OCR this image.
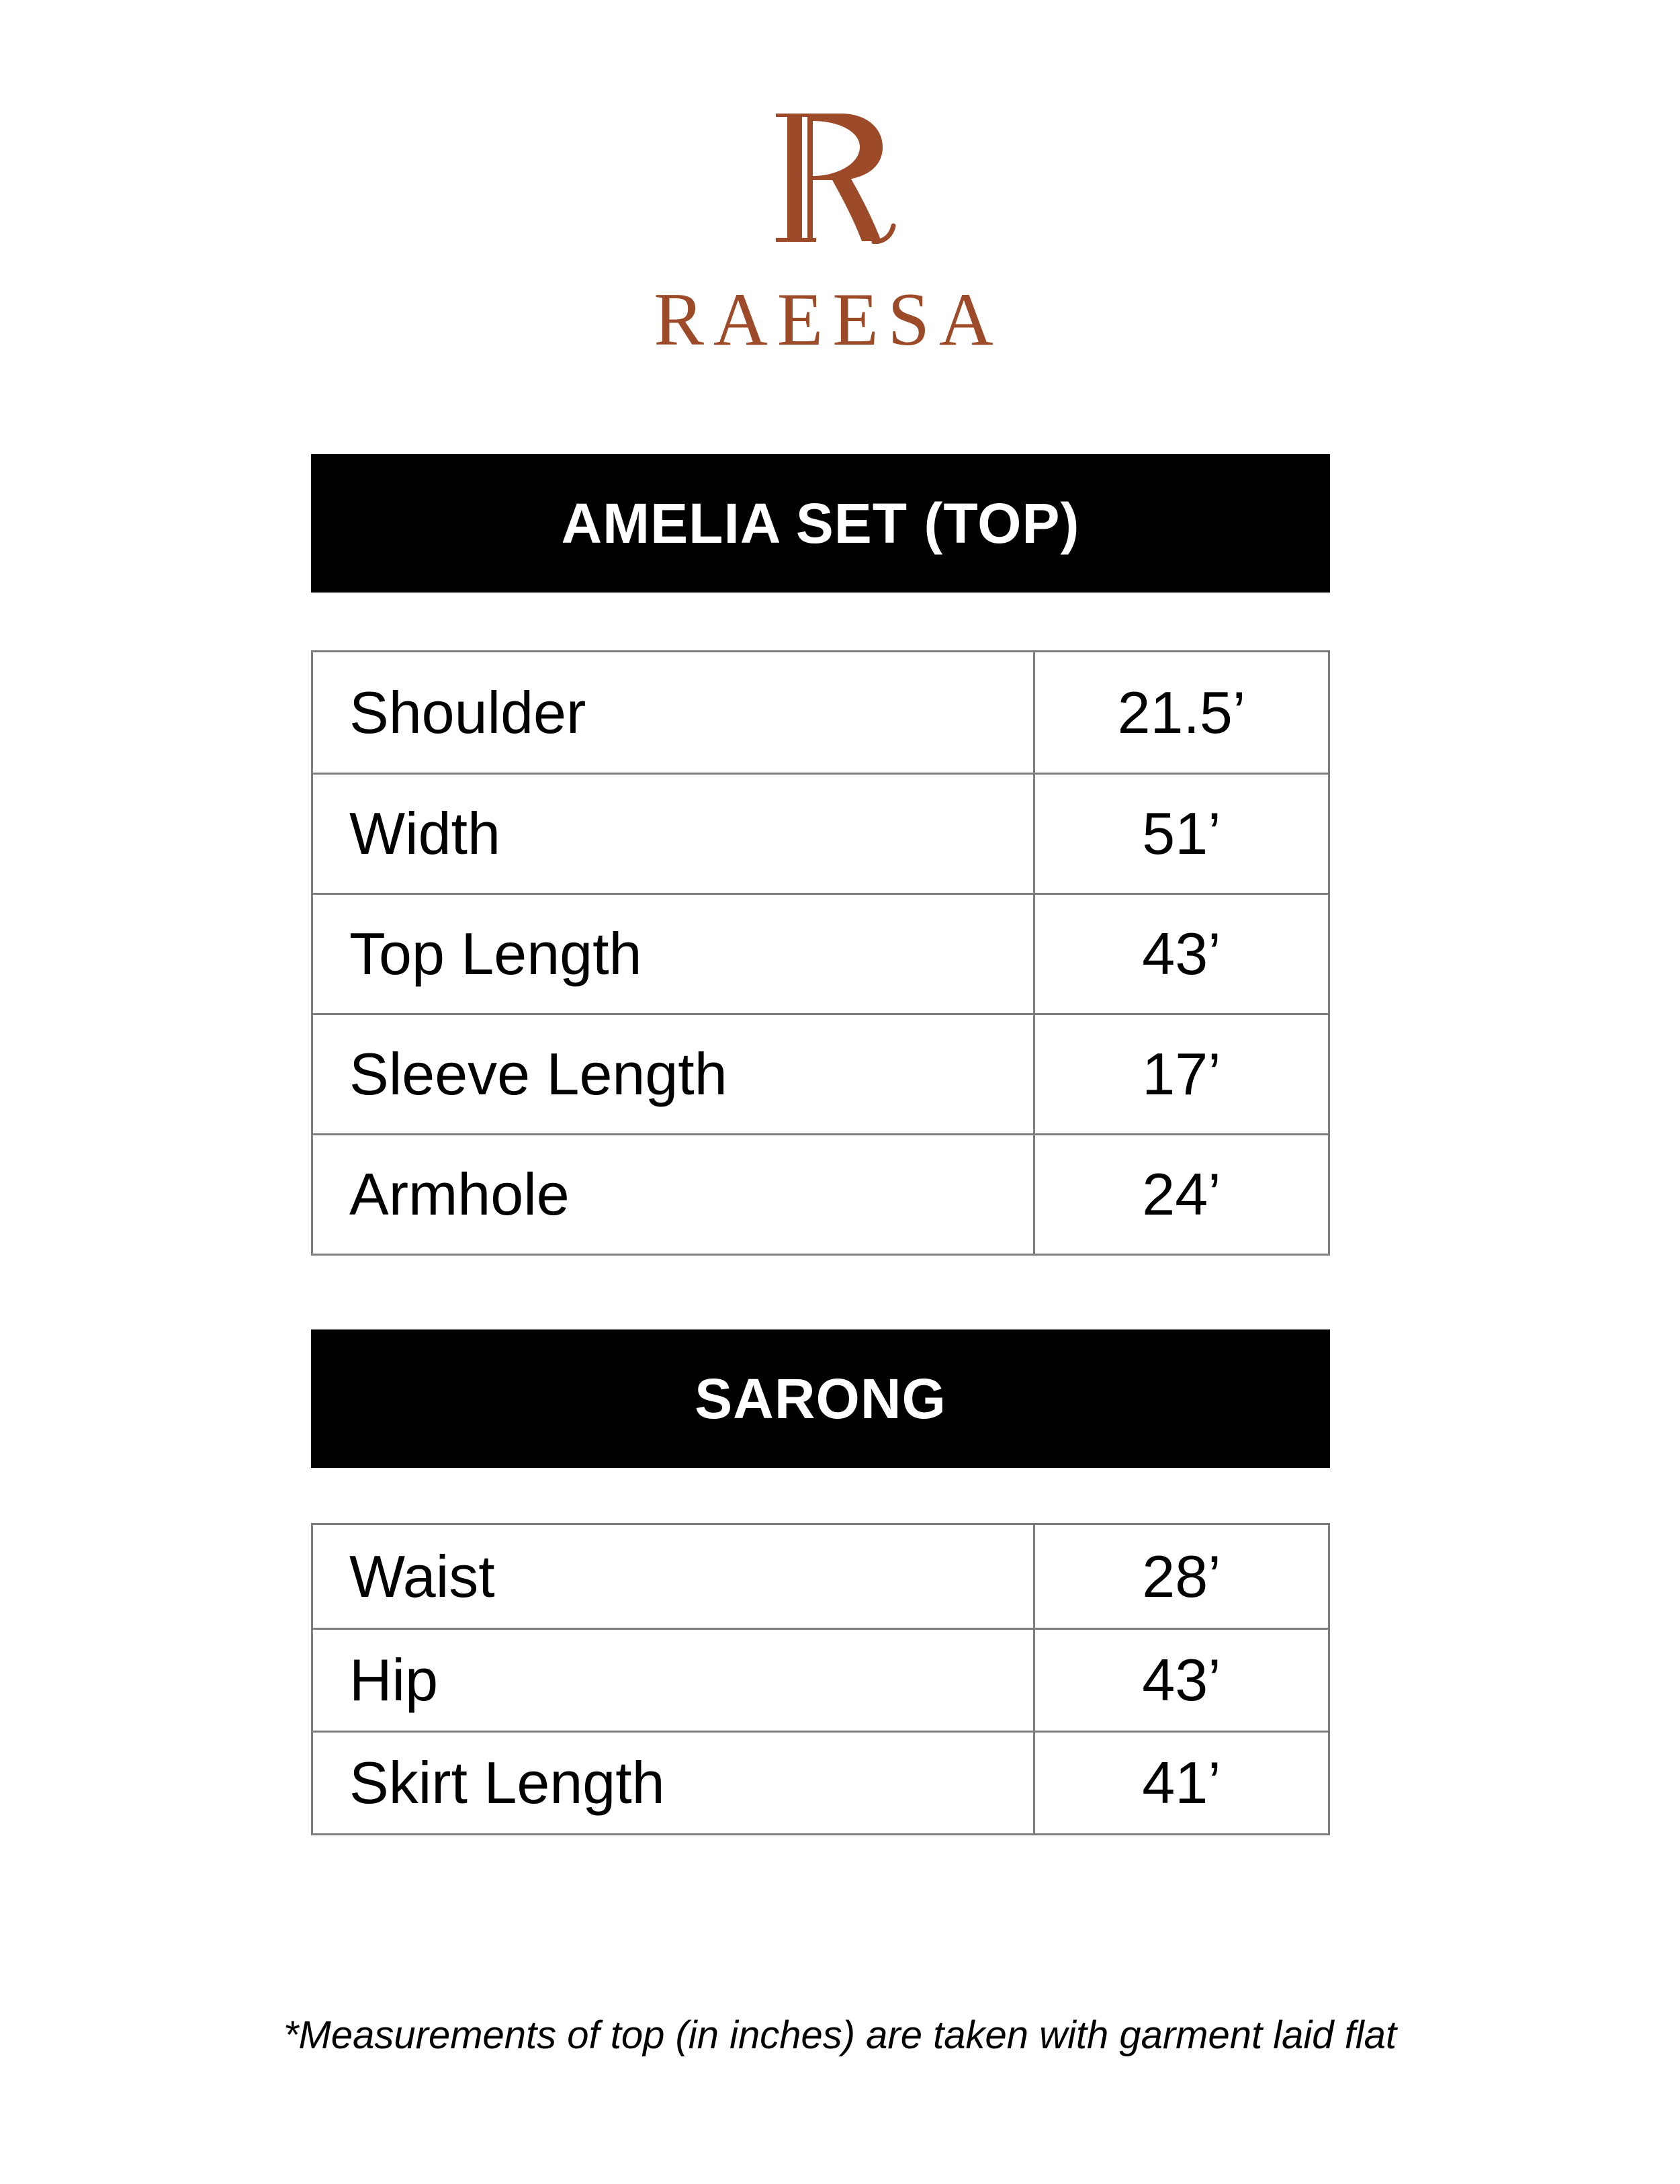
RAEESA
AMELIA SET (TOP)
Shoulder	21.5’
Width	51’
Top Length	43’
Sleeve Length	17’
Armhole	24’
SARONG
Waist	28’
Hip	43’
Skirt Length	41’
*Measurements of top (in inches) are taken with garment laid flat
